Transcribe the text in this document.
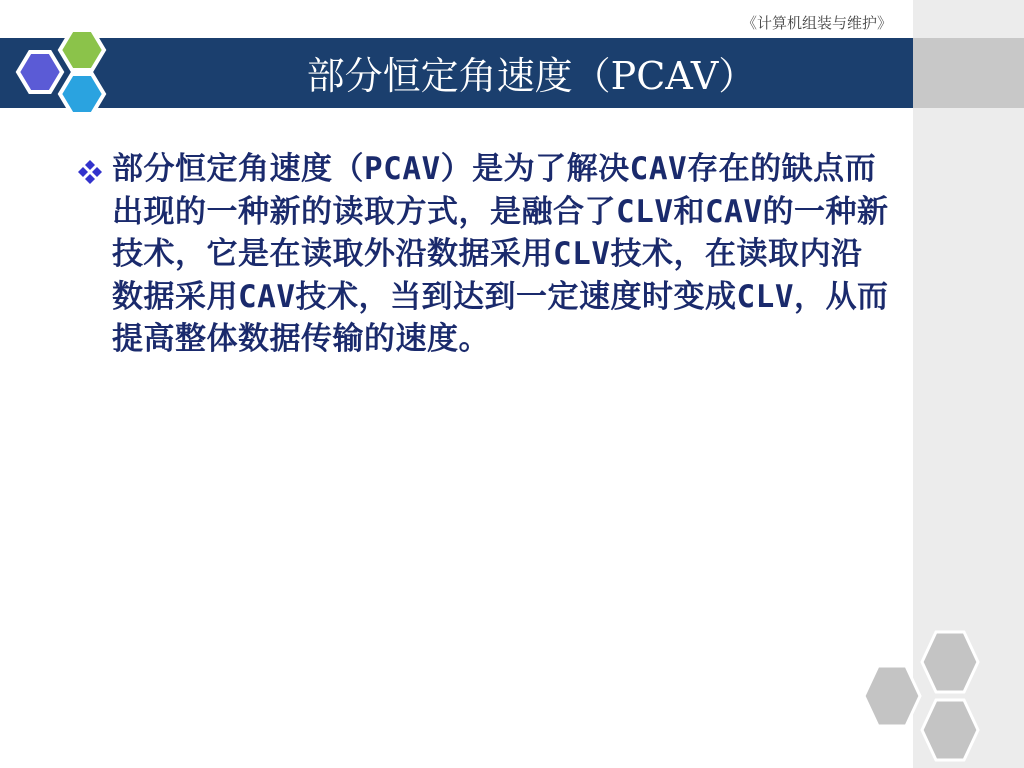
《计算机组装与维护》
部分恒定角速度（PCAV）
部分恒定角速度（PCAV）是为了解决CAV存在的缺点而出现的一种新的读取方式，是融合了CLV和CAV的一种新技术，它是在读取外沿数据采用CLV技术，在读取内沿数据采用CAV技术，当到达到一定速度时变成CLV，从而提高整体数据传输的速度。
